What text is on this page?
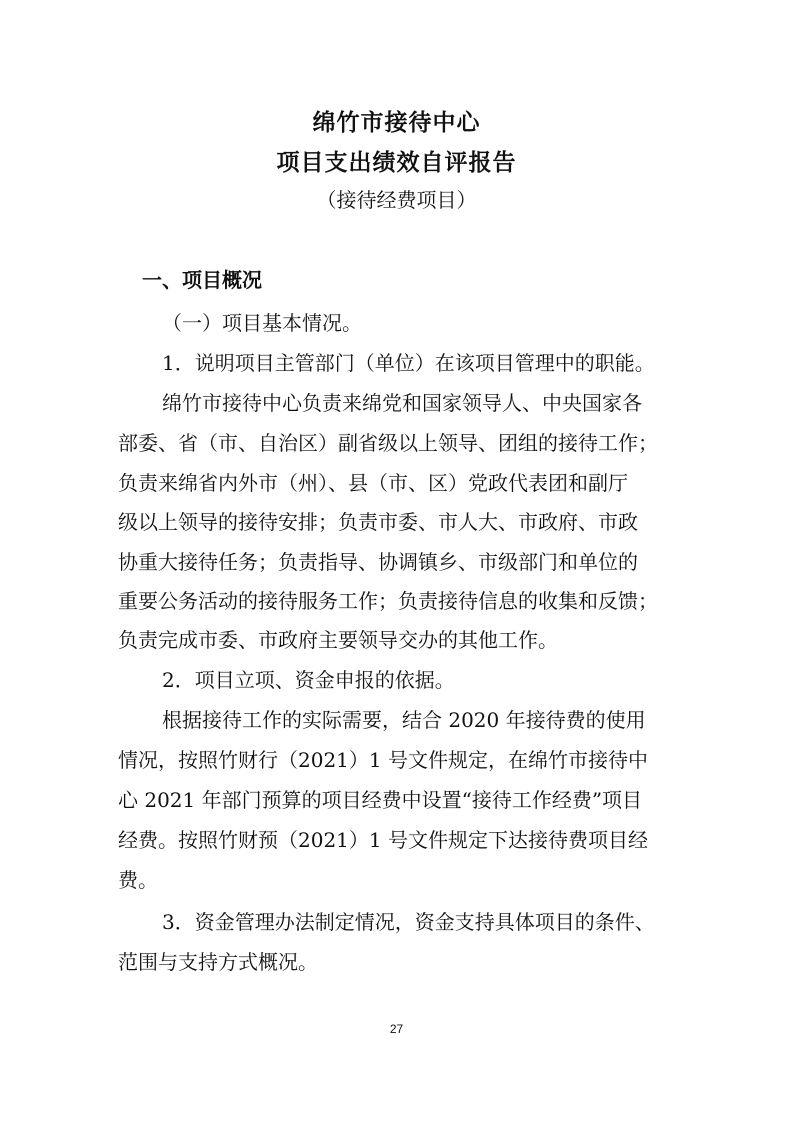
绵竹市接待中心
项目支出绩效自评报告
（接待经费项目）
一、项目概况
（一）项目基本情况。
1．说明项目主管部门（单位）在该项目管理中的职能。
绵竹市接待中心负责来绵党和国家领导人、中央国家各
部委、省（市、自治区）副省级以上领导、团组的接待工作；
负责来绵省内外市（州）、县（市、区）党政代表团和副厅
级以上领导的接待安排；负责市委、市人大、市政府、市政
协重大接待任务；负责指导、协调镇乡、市级部门和单位的
重要公务活动的接待服务工作；负责接待信息的收集和反馈；
负责完成市委、市政府主要领导交办的其他工作。
2．项目立项、资金申报的依据。
根据接待工作的实际需要，结合 2020 年接待费的使用
情况，按照竹财行（2021）1 号文件规定，在绵竹市接待中
心 2021 年部门预算的项目经费中设置“接待工作经费”项目
经费。按照竹财预（2021）1 号文件规定下达接待费项目经
费。
3．资金管理办法制定情况，资金支持具体项目的条件、
范围与支持方式概况。
27
